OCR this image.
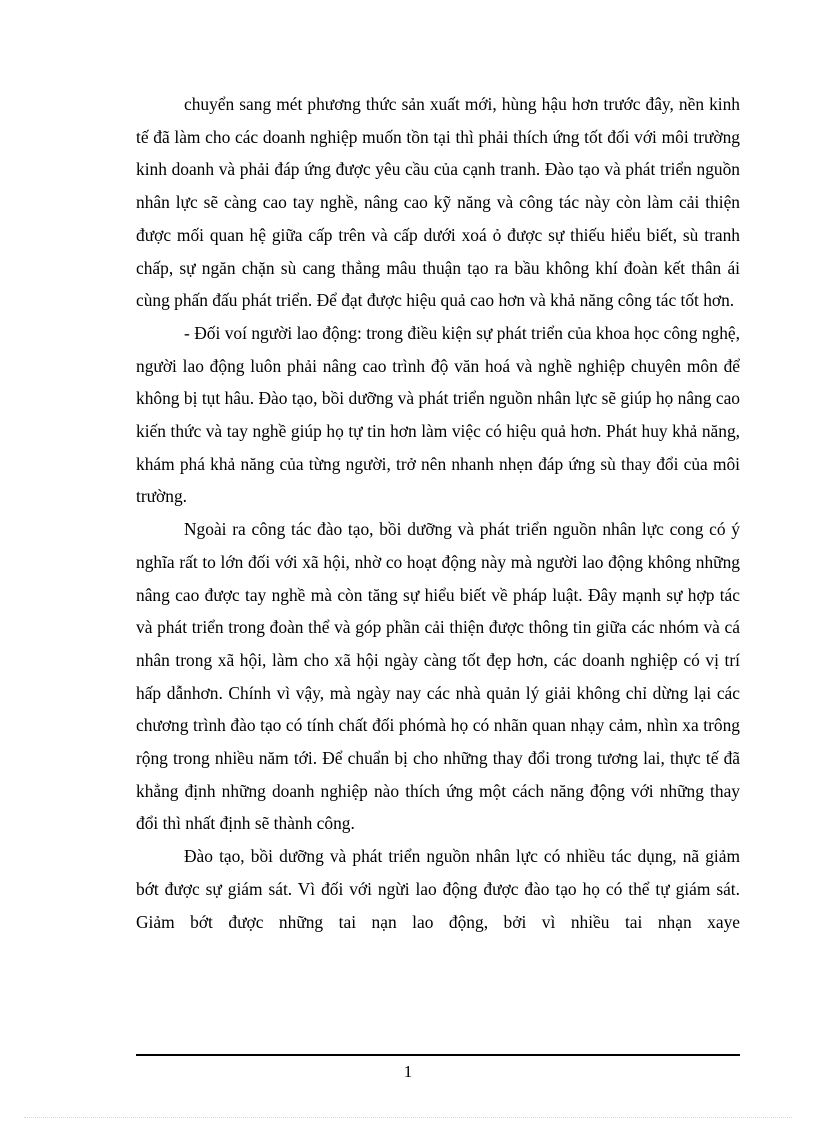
chuyển sang mét phương thức sản xuất mới, hùng hậu hơn trước đây, nền kinh tế đã làm cho các doanh nghiệp muốn tồn tại thì phải thích ứng tốt đối với môi trường kinh doanh và phải đáp ứng được yêu cầu của cạnh tranh. Đào tạo và phát triển nguồn nhân lực sẽ càng cao tay nghề, nâng cao kỹ năng và công tác này còn làm cải thiện được mối quan hệ giữa cấp trên và cấp dưới xoá ỏ được sự thiếu hiểu biết, sù tranh chấp, sự ngăn chặn sù cang thẳng mâu thuận tạo ra bầu không khí đoàn kết thân ái cùng phấn đấu phát triển. Để đạt được hiệu quả cao hơn và khả năng công tác tốt hơn.

- Đối voí người lao động: trong điều kiện sự phát triển của khoa học công nghệ, người lao động luôn phải nâng cao trình độ văn hoá và nghề nghiệp chuyên môn để không bị tụt hâu. Đào tạo, bồi dưỡng và phát triển nguồn nhân lực sẽ giúp họ nâng cao kiến thức và tay nghề giúp họ tự tin hơn làm việc có hiệu quả hơn. Phát huy khả năng, khám phá khả năng của từng người, trở nên nhanh nhẹn đáp ứng sù thay đổi của môi trường.

Ngoài ra công tác đào tạo, bồi dưỡng và phát triển nguồn nhân lực cong có ý nghĩa rất to lớn đối với xã hội, nhờ co hoạt động này mà người lao động không những nâng cao được tay nghề mà còn tăng sự hiểu biết về pháp luật. Đây mạnh sự hợp tác và phát triển trong đoàn thể và góp phần cải thiện được thông tin giữa các nhóm và cá nhân trong xã hội, làm cho xã hội ngày càng tốt đẹp hơn, các doanh nghiệp có vị trí hấp dẫnhơn. Chính vì vậy, mà ngày nay các nhà quản lý giải không chỉ dừng lại các chương trình đào tạo có tính chất đối phómà họ có nhãn quan nhạy cảm, nhìn xa trông rộng trong nhiều năm tới. Để chuẩn bị cho những thay đổi trong tương lai, thực tế đã khẳng định những doanh nghiệp nào thích ứng một cách năng động với những thay đổi thì nhất định sẽ thành công.

Đào tạo, bồi dưỡng và phát triển nguồn nhân lực có nhiều tác dụng, nã giảm bớt được sự giám sát. Vì đối với ngừi lao động được đào tạo họ có thể tự giám sát. Giảm bớt được những tai nạn lao động, bởi vì nhiều tai nhạn xaye

1
